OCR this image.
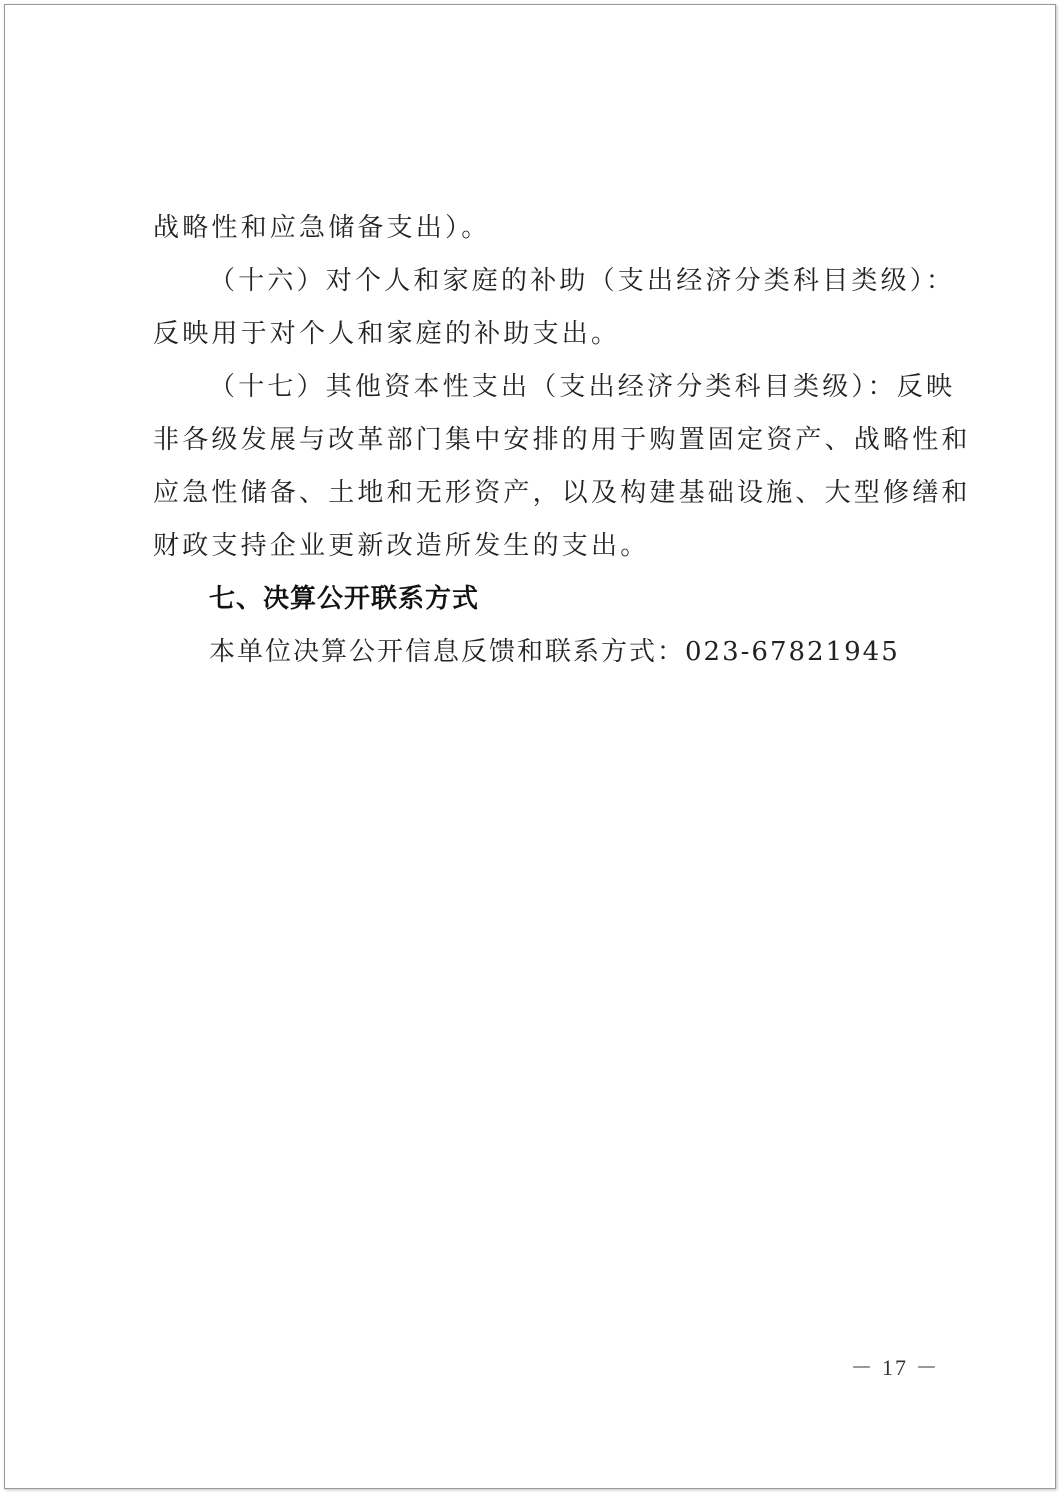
战略性和应急储备支出）。
（十六）对个人和家庭的补助（支出经济分类科目类级）：
反映用于对个人和家庭的补助支出。
（十七）其他资本性支出（支出经济分类科目类级）：反映
非各级发展与改革部门集中安排的用于购置固定资产、战略性和
应急性储备、土地和无形资产，以及构建基础设施、大型修缮和
财政支持企业更新改造所发生的支出。
七、决算公开联系方式
本单位决算公开信息反馈和联系方式：023-67821945
－ 17 －
